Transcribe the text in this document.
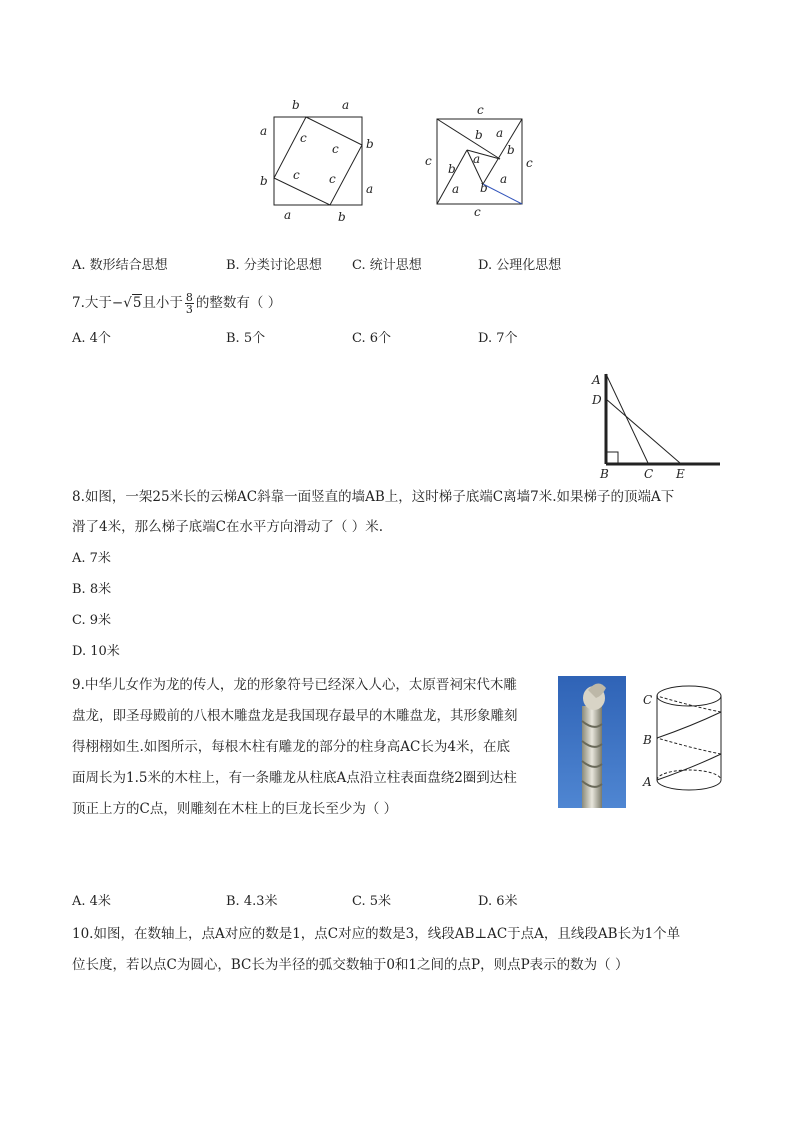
b	a
a
b
b
a
a	b
c
c
c c
c
c	c
c
b a
b
b
a
a b
a
A. 数形结合思想	B. 分类讨论思想 C. 统计思想	D. 公理化思想
7.大于−√5且小于 $\frac{8}{3}$ 的整数有（ ）
A. 4个	B. 5个	C. 6个	D. 7个
A
D
B	C E
8.如图，一架25米长的云梯AC斜靠一面竖直的墙AB上，这时梯子底端C离墙7米.如果梯子的顶端A下
滑了4米，那么梯子底端C在水平方向滑动了（ ）米.
A. 7米
B. 8米
C. 9米
D. 10米
9.中华儿女作为龙的传人，龙的形象符号已经深入人心，太原晋祠宋代木雕
盘龙，即圣母殿前的八根木雕盘龙是我国现存最早的木雕盘龙，其形象雕刻
得栩栩如生.如图所示，每根木柱有雕龙的部分的柱身高AC长为4米，在底
面周长为1.5米的木柱上，有一条雕龙从柱底A点沿立柱表面盘绕2圈到达柱
顶正上方的C点，则雕刻在木柱上的巨龙长至少为（ ）
C
B
A
A. 4米	B. 4.3米	C. 5米	D. 6米
10.如图，在数轴上，点A对应的数是1，点C对应的数是3，线段AB⊥AC于点A，且线段AB长为1个单
位长度，若以点C为圆心，BC长为半径的弧交数轴于0和1之间的点P，则点P表示的数为（ ）
